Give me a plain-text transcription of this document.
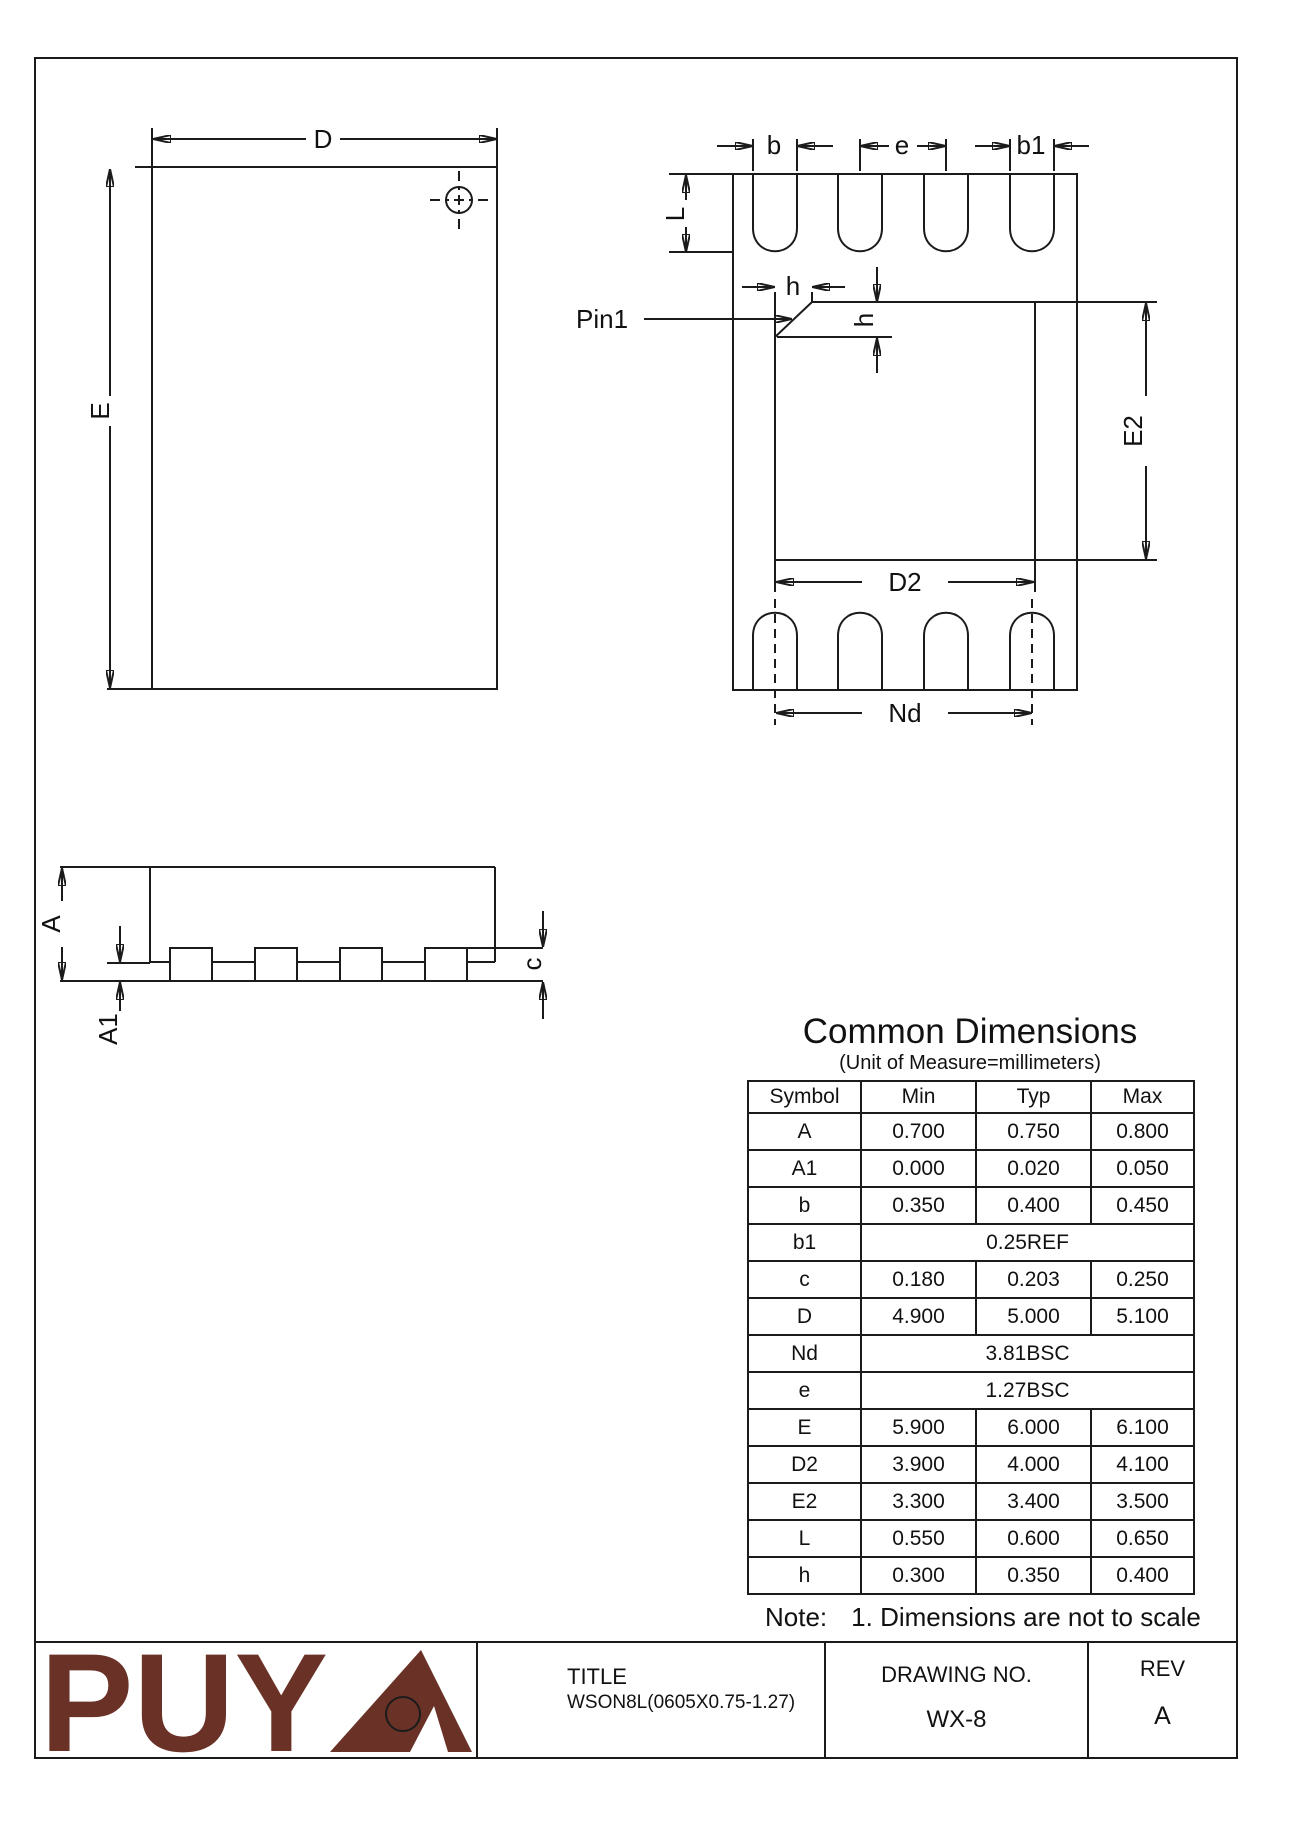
D
E
L
b	e	b1
h
h
Pin1
E2
D2
Nd
A
A1
c
PUY
Common Dimensions
(Unit of Measure=millimeters)
Symbol	Min	Typ	Max
A	0.700	0.750	0.800
A1	0.000	0.020	0.050
b	0.350	0.400	0.450
b1	0.25REF		
c	0.180	0.203	0.250
D	4.900	5.000	5.100
Nd	3.81BSC		
e	1.27BSC		
E	5.900	6.000	6.100
D2	3.900	4.000	4.100
E2	3.300	3.400	3.500
L	0.550	0.600	0.650
h	0.300	0.350	0.400
Note: 1. Dimensions are not to scale
TITLE
WSON8L(0605X0.75-1.27)
DRAWING NO.
WX-8
REV
A
